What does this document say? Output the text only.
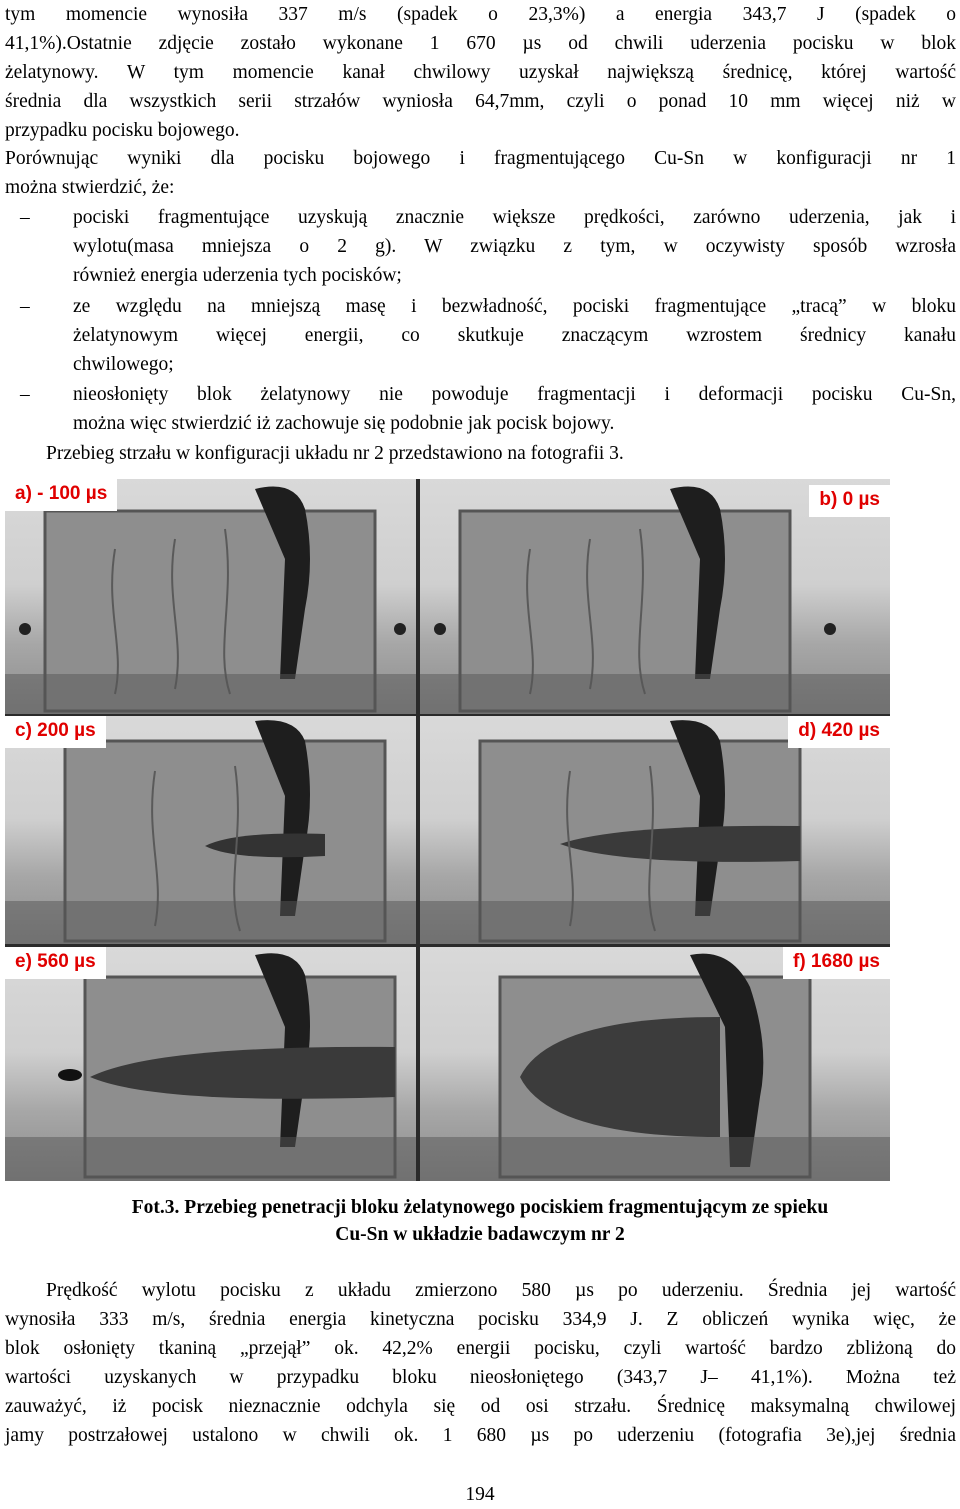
tym momencie wynosiła 337 m/s (spadek o 23,3%) a energia 343,7 J (spadek o
41,1%).Ostatnie zdjęcie zostało wykonane 1 670 µs od chwili uderzenia pocisku w blok
żelatynowy. W tym momencie kanał chwilowy uzyskał największą średnicę, której wartość
średnia dla wszystkich serii strzałów wyniosła 64,7mm, czyli o ponad 10 mm więcej niż w
przypadku pocisku bojowego.
Porównując wyniki dla pocisku bojowego i fragmentującego Cu-Sn w konfiguracji nr 1
można stwierdzić, że:
– pociski fragmentujące uzyskują znacznie większe prędkości, zarówno uderzenia, jak i
wylotu(masa mniejsza o 2 g). W związku z tym, w oczywisty sposób wzrosła
również energia uderzenia tych pocisków;
– ze względu na mniejszą masę i bezwładność, pociski fragmentujące „tracą” w bloku
żelatynowym więcej energii, co skutkuje znaczącym wzrostem średnicy kanału
chwilowego;
– nieosłonięty blok żelatynowy nie powoduje fragmentacji i deformacji pocisku Cu-Sn,
można więc stwierdzić iż zachowuje się podobnie jak pocisk bojowy.
Przebieg strzału w konfiguracji układu nr 2 przedstawiono na fotografii 3.
a) - 100 µs	b) 0 µs
c) 200 µs	d) 420 µs
e) 560 µs	f) 1680 µs
Fot.3. Przebieg penetracji bloku żelatynowego pociskiem fragmentującym ze spieku
Cu-Sn w układzie badawczym nr 2
Prędkość wylotu pocisku z układu zmierzono 580 µs po uderzeniu. Średnia jej wartość
wynosiła 333 m/s, średnia energia kinetyczna pocisku 334,9 J. Z obliczeń wynika więc, że
blok osłonięty tkaniną „przejął” ok. 42,2% energii pocisku, czyli wartość bardzo zbliżoną do
wartości uzyskanych w przypadku bloku nieosłoniętego (343,7 J– 41,1%). Można też
zauważyć, iż pocisk nieznacznie odchyla się od osi strzału. Średnicę maksymalną chwilowej
jamy postrzałowej ustalono w chwili ok. 1 680 µs po uderzeniu (fotografia 3e),jej średnia
194
